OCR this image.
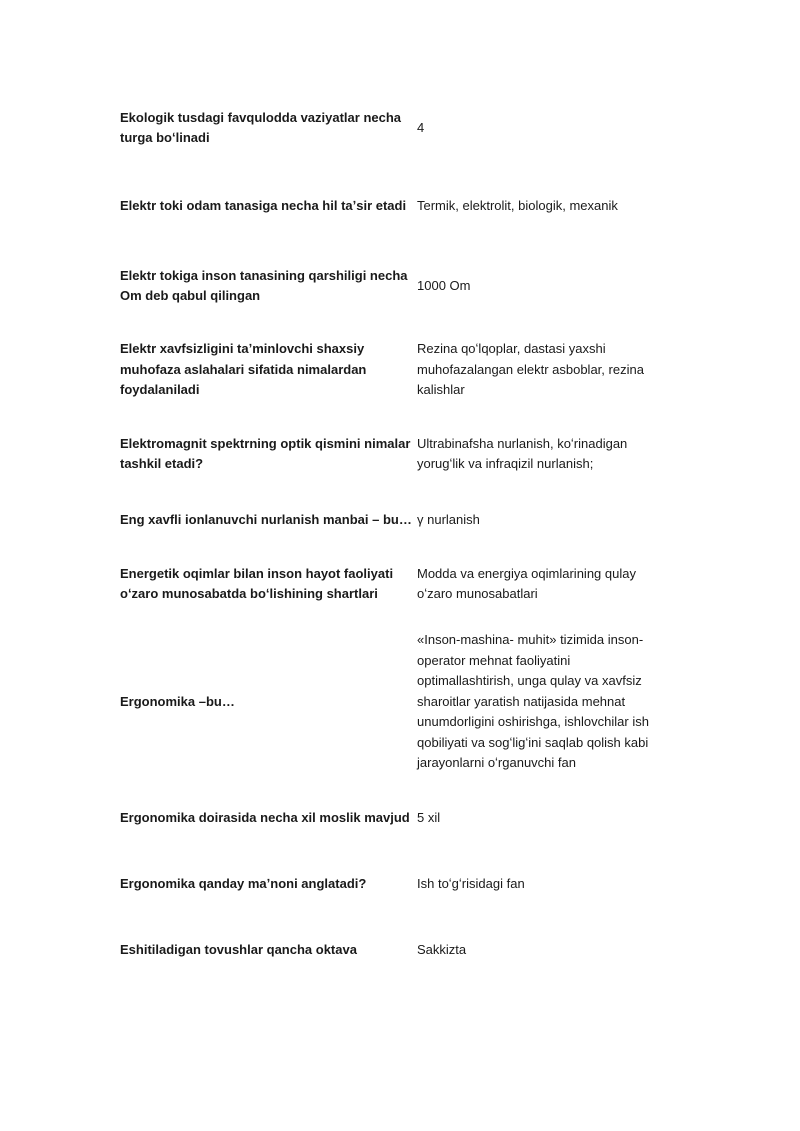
Ekologik tusdagi favqulodda vaziyatlar necha turga boʻlinadi
4
Elektr toki odam tanasiga necha hil taʼsir etadi Termik, elektrolit, biologik, mexanik
Elektr tokiga inson tanasining qarshiligi necha Om deb qabul qilingan
1000 Om
Elektr xavfsizligini taʼminlovchi shaxsiy muhofaza aslahalari sifatida nimalardan foydalaniladi
Rezina qoʻlqoplar, dastasi yaxshi muhofazalangan elektr asboblar, rezina kalishlar
Elektromagnit spektrning optik qismini nimalar tashkil etadi?
Ultrabinafsha nurlanish, koʻrinadigan yorugʻlik va infraqizil nurlanish;
Eng xavfli ionlanuvchi nurlanish manbai – bu… γ nurlanish
Energetik oqimlar bilan inson hayot faoliyati oʻzaro munosabatda boʻlishining shartlari
Modda va energiya oqimlarining qulay oʻzaro munosabatlari
Ergonomika –bu…
«Inson-mashina- muhit» tizimida inson-operator mehnat faoliyatini optimallashtirish, unga qulay va xavfsiz sharoitlar yaratish natijasida mehnat unumdorligini oshirishga, ishlovchilar ish qobiliyati va sogʻligʻini saqlab qolish kabi jarayonlarni oʻrganuvchi fan
Ergonomika doirasida necha xil moslik mavjud 5 xil
Ergonomika qanday maʼnoni anglatadi?	Ish toʻgʻrisidagi fan
Eshitiladigan tovushlar qancha oktava	Sakkizta
